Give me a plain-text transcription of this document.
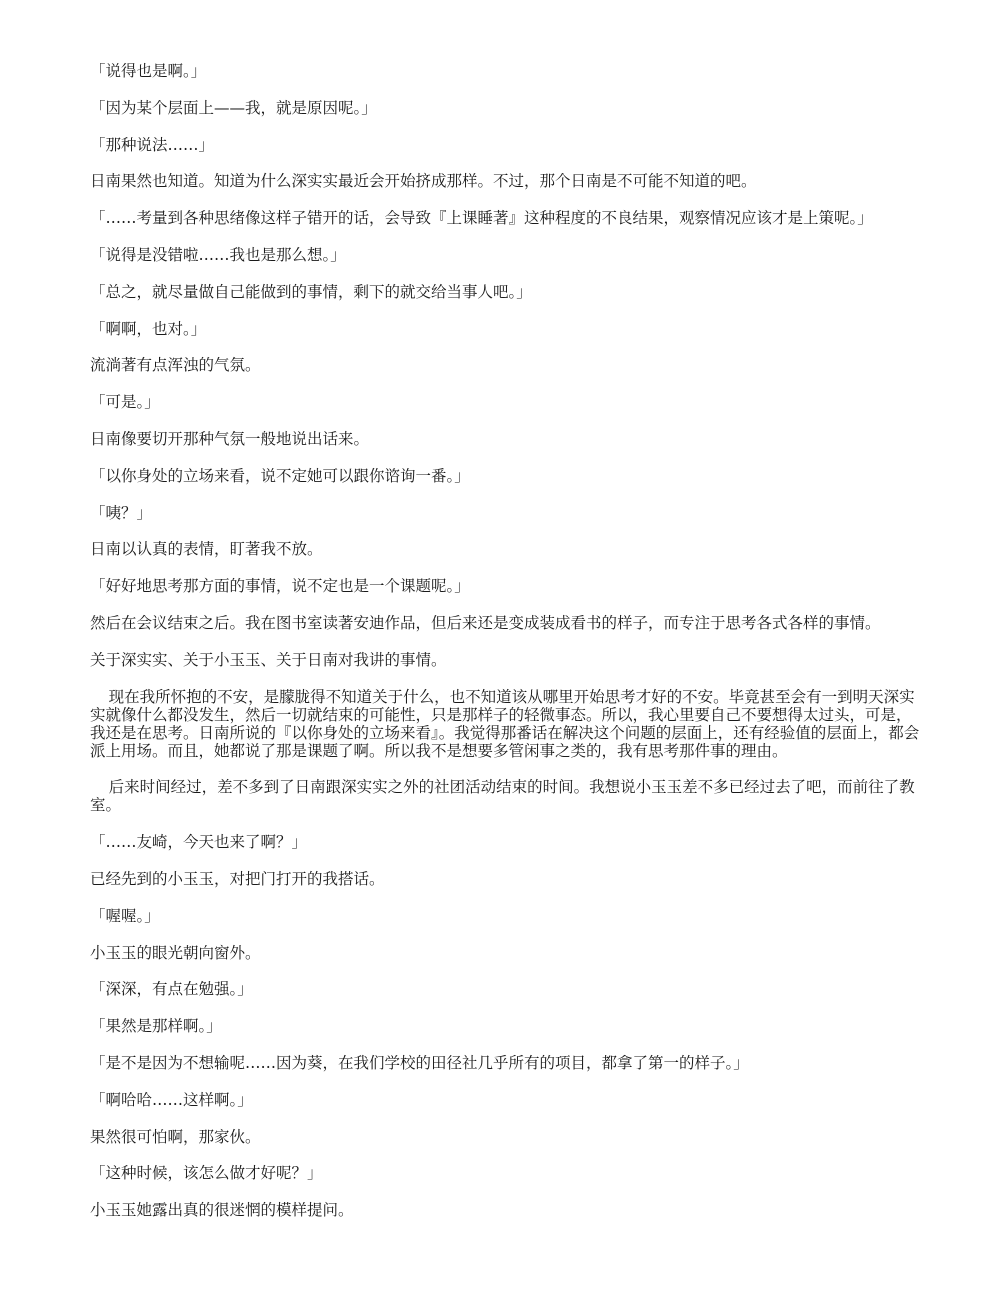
「说得也是啊。」

「因为某个层面上——我，就是原因呢。」

「那种说法……」

日南果然也知道。知道为什么深实实最近会开始挤成那样。不过，那个日南是不可能不知道的吧。

「……考量到各种思绪像这样子错开的话，会导致『上课睡著』这种程度的不良结果，观察情况应该才是上策呢。」

「说得是没错啦……我也是那么想。」

「总之，就尽量做自己能做到的事情，剩下的就交给当事人吧。」

「啊啊，也对。」

流淌著有点浑浊的气氛。

「可是。」

日南像要切开那种气氛一般地说出话来。

「以你身处的立场来看，说不定她可以跟你谘询一番。」

「咦？」

日南以认真的表情，盯著我不放。

「好好地思考那方面的事情，说不定也是一个课题呢。」

然后在会议结束之后。我在图书室读著安迪作品，但后来还是变成装成看书的样子，而专注于思考各式各样的事情。

关于深实实、关于小玉玉、关于日南对我讲的事情。

现在我所怀抱的不安，是朦胧得不知道关于什么，也不知道该从哪里开始思考才好的不安。毕竟甚至会有一到明天深实实就像什么都没发生，然后一切就结束的可能性，只是那样子的轻微事态。所以，我心里要自己不要想得太过头，可是，我还是在思考。日南所说的『以你身处的立场来看』。我觉得那番话在解决这个问题的层面上，还有经验值的层面上，都会派上用场。而且，她都说了那是课题了啊。所以我不是想要多管闲事之类的，我有思考那件事的理由。

后来时间经过，差不多到了日南跟深实实之外的社团活动结束的时间。我想说小玉玉差不多已经过去了吧，而前往了教室。

「……友崎，今天也来了啊？」

已经先到的小玉玉，对把门打开的我搭话。

「喔喔。」

小玉玉的眼光朝向窗外。

「深深，有点在勉强。」

「果然是那样啊。」

「是不是因为不想输呢……因为葵，在我们学校的田径社几乎所有的项目，都拿了第一的样子。」

「啊哈哈……这样啊。」

果然很可怕啊，那家伙。

「这种时候，该怎么做才好呢？」

小玉玉她露出真的很迷惘的模样提问。
